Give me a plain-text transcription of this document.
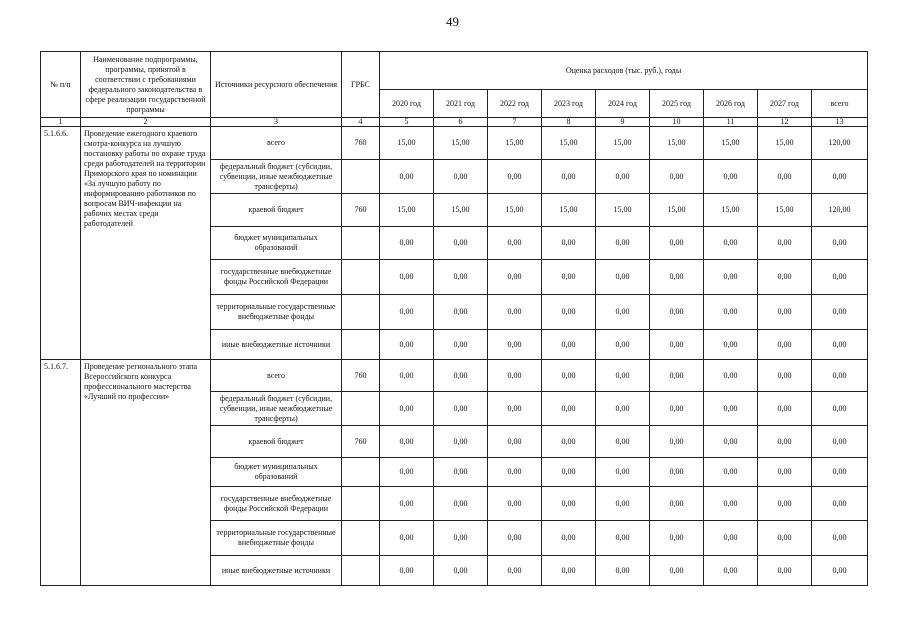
49
№ п/п	Наименование подпрограммы, программы, принятой в соответствии с требованиями федерального законодательства в сфере реализации государственной программы	Источники ресурсного обеспечения	ГРБС	Оценка расходов (тыс. руб.), годы								
				2020 год	2021 год	2022 год	2023 год	2024 год	2025 год	2026 год	2027 год	всего
1	2	3	4	5	6	7	8	9	10	11	12	13
5.1.6.6.	Проведение ежегодного краевого смотра-конкурса на лучшую постановку работы по охране труда среди работодателей на территории Приморского края по номинации «За лучшую работу по информированию работников по вопросам ВИЧ-инфекции на рабочих местах среди работодателей	всего	760	15,00	15,00	15,00	15,00	15,00	15,00	15,00	15,00	120,00
		федеральный бюджет (субсидии, субвенции, иные межбюджетные трансферты)		0,00	0,00	0,00	0,00	0,00	0,00	0,00	0,00	0,00
		краевой бюджет	760	15,00	15,00	15,00	15,00	15,00	15,00	15,00	15,00	120,00
		бюджет муниципальных образований		0,00	0,00	0,00	0,00	0,00	0,00	0,00	0,00	0,00
		государственные внебюджетные фонды Российской Федерации		0,00	0,00	0,00	0,00	0,00	0,00	0,00	0,00	0,00
		территориальные государственные внебюджетные фонды		0,00	0,00	0,00	0,00	0,00	0,00	0,00	0,00	0,00
		иные внебюджетные источники		0,00	0,00	0,00	0,00	0,00	0,00	0,00	0,00	0,00
5.1.6.7.	Проведение регионального этапа Всероссийского конкурса профессионального мастерства «Лучший по профессии»	всего	760	0,00	0,00	0,00	0,00	0,00	0,00	0,00	0,00	0,00
		федеральный бюджет (субсидии, субвенции, иные межбюджетные трансферты)		0,00	0,00	0,00	0,00	0,00	0,00	0,00	0,00	0,00
		краевой бюджет	760	0,00	0,00	0,00	0,00	0,00	0,00	0,00	0,00	0,00
		бюджет муниципальных образований		0,00	0,00	0,00	0,00	0,00	0,00	0,00	0,00	0,00
		государственные внебюджетные фонды Российской Федерации		0,00	0,00	0,00	0,00	0,00	0,00	0,00	0,00	0,00
		территориальные государственные внебюджетные фонды		0,00	0,00	0,00	0,00	0,00	0,00	0,00	0,00	0,00
		иные внебюджетные источники		0,00	0,00	0,00	0,00	0,00	0,00	0,00	0,00	0,00
